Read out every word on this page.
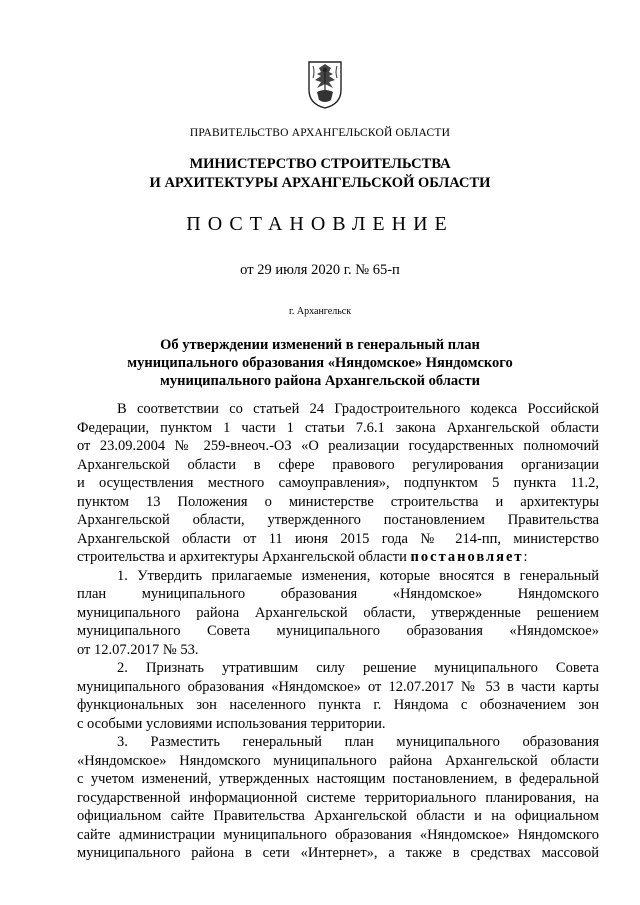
ПРАВИТЕЛЬСТВО АРХАНГЕЛЬСКОЙ ОБЛАСТИ
МИНИСТЕРСТВО СТРОИТЕЛЬСТВА
И АРХИТЕКТУРЫ АРХАНГЕЛЬСКОЙ ОБЛАСТИ
ПОСТАНОВЛЕНИЕ
от 29 июля 2020 г. № 65-п
г. Архангельск
Об утверждении изменений в генеральный план
муниципального образования «Няндомское» Няндомского
муниципального района Архангельской области

В соответствии со статьей 24 Градостроительного кодекса Российской

Федерации, пунктом 1 части 1 статьи 7.6.1 закона Архангельской области

от 23.09.2004 № 259-внеоч.-ОЗ «О реализации государственных полномочий

Архангельской области в сфере правового регулирования организации

и осуществления местного самоуправления», подпунктом 5 пункта 11.2,

пунктом 13 Положения о министерстве строительства и архитектуры

Архангельской области, утвержденного постановлением Правительства

Архангельской области от 11 июня 2015 года № 214-пп, министерство

строительства и архитектуры Архангельской области постановляет:

1. Утвердить прилагаемые изменения, которые вносятся в генеральный

план муниципального образования «Няндомское» Няндомского

муниципального района Архангельской области, утвержденные решением

муниципального Совета муниципального образования «Няндомское»

от 12.07.2017 № 53.

2. Признать утратившим силу решение муниципального Совета

муниципального образования «Няндомское» от 12.07.2017 № 53 в части карты

функциональных зон населенного пункта г. Няндома с обозначением зон

с особыми условиями использования территории.

3. Разместить генеральный план муниципального образования

«Няндомское» Няндомского муниципального района Архангельской области

с учетом изменений, утвержденных настоящим постановлением, в федеральной

государственной информационной системе территориального планирования, на

официальном сайте Правительства Архангельской области и на официальном

сайте администрации муниципального образования «Няндомское» Няндомского

муниципального района в сети «Интернет», а также в средствах массовой
